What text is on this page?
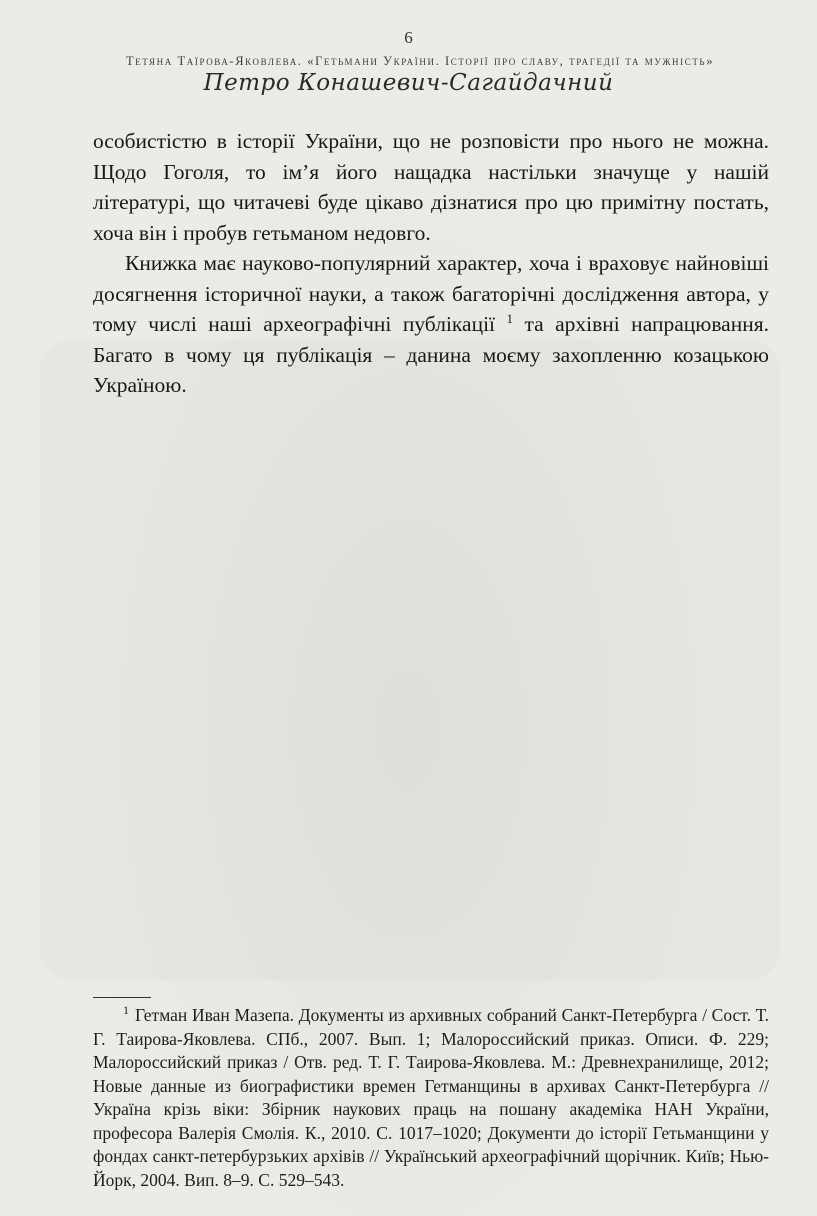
6
Тетяна Таїрова-Яковлева. «Гетьмани України. Історії про славу, трагедії та мужність»
Петро Конашевич-Сагайдачний

особистістю в історії України, що не розповісти про нього не можна. Щодо Гоголя, то ім’я його нащадка настільки значуще у нашій літературі, що читачеві буде цікаво дізнатися про цю примітну постать, хоча він і пробув гетьманом недовго.

Книжка має науково-популярний характер, хоча і враховує найновіші досягнення історичної науки, а також багаторічні дослідження автора, у тому числі наші археографічні публікації $^1$ та архівні напрацювання. Багато в чому ця публікація – данина моєму захопленню козацькою Україною.

$^1$ Гетман Иван Мазепа. Документы из архивных собраний Санкт-Петербурга / Сост. Т. Г. Таирова-Яковлева. СПб., 2007. Вып. 1; Малороссийский приказ. Описи. Ф. 229; Малороссийский приказ / Отв. ред. Т. Г. Таирова-Яковлева. М.: Древнехранилище, 2012; Новые данные из биографистики времен Гетманщины в архивах Санкт-Петербурга // Україна крізь віки: Збірник наукових праць на пошану академіка НАН України, професора Валерія Смолія. К., 2010. С. 1017–1020; Документи до історії Гетьманщини у фондах санкт-петербурзьких архівів // Український археографічний щорічник. Київ; Нью-Йорк, 2004. Вип. 8–9. С. 529–543.
